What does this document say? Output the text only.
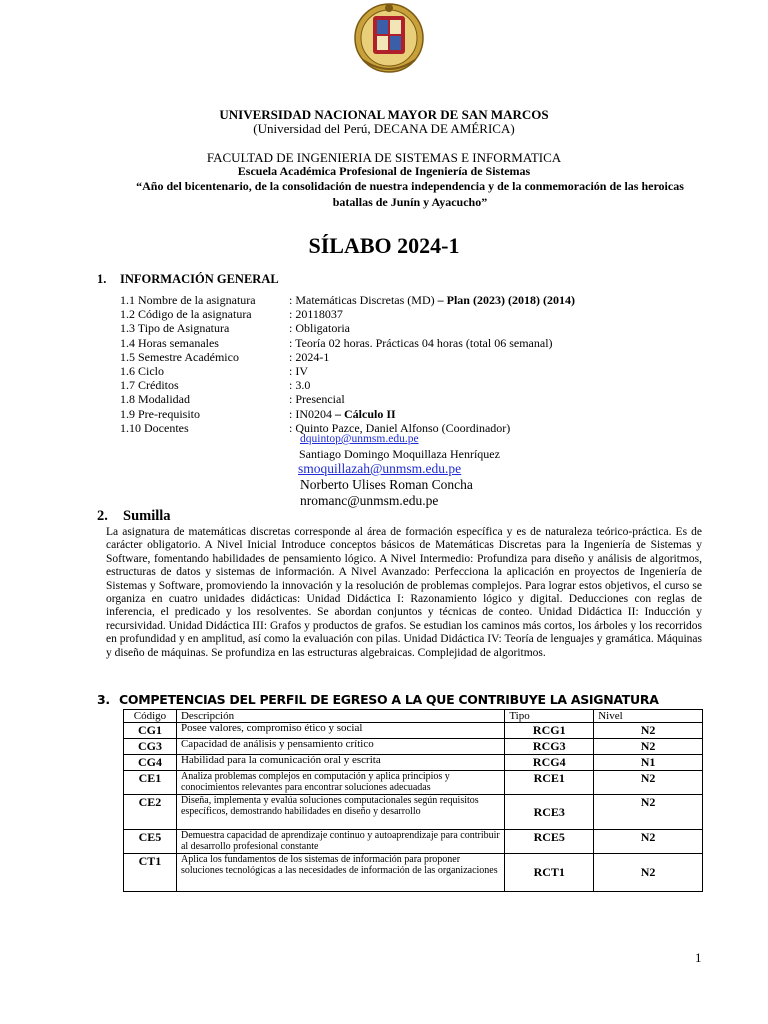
UNIVERSIDAD NACIONAL MAYOR DE SAN MARCOS
(Universidad del Perú, DECANA DE AMÉRICA)
FACULTAD DE INGENIERIA DE SISTEMAS E INFORMATICA
Escuela Académica Profesional de Ingeniería de Sistemas
“Año del bicentenario, de la consolidación de nuestra independencia y de la conmemoración de las heroicas batallas de Junín y Ayacucho”
SÍLABO 2024-1
1. INFORMACIÓN GENERAL
1.1 Nombre de la asignatura	: Matemáticas Discretas (MD) – Plan (2023) (2018) (2014)
1.2 Código de la asignatura	: 20118037
1.3 Tipo de Asignatura	: Obligatoria
1.4 Horas semanales	: Teoría 02 horas. Prácticas 04 horas (total 06 semanal)
1.5 Semestre Académico	: 2024-1
1.6 Ciclo	: IV
1.7 Créditos	: 3.0
1.8 Modalidad	: Presencial
1.9 Pre-requisito	: IN0204 – Cálculo II
1.10 Docentes	: Quinto Pazce, Daniel Alfonso (Coordinador)
dquintop@unmsm.edu.pe
Santiago Domingo Moquillaza Henríquez
smoquillazah@unmsm.edu.pe
Norberto Ulises Roman Concha
nromanc@unmsm.edu.pe
2. Sumilla

La asignatura de matemáticas discretas corresponde al área de formación específica y es de naturaleza teórico-práctica. Es de carácter obligatorio. A Nivel Inicial Introduce conceptos básicos de Matemáticas Discretas para la Ingeniería de Sistemas y Software, fomentando habilidades de pensamiento lógico. A Nivel Intermedio: Profundiza para diseño y análisis de algoritmos, estructuras de datos y sistemas de información. A Nivel Avanzado: Perfecciona la aplicación en proyectos de Ingeniería de Sistemas y Software, promoviendo la innovación y la resolución de problemas complejos. Para lograr estos objetivos, el curso se organiza en cuatro unidades didácticas: Unidad Didáctica I: Razonamiento lógico y digital. Deducciones con reglas de inferencia, el predicado y los resolventes. Se abordan conjuntos y técnicas de conteo. Unidad Didáctica II: Inducción y recursividad. Unidad Didáctica III: Grafos y productos de grafos. Se estudian los caminos más cortos, los árboles y los recorridos en profundidad y en amplitud, así como la evaluación con pilas. Unidad Didáctica IV: Teoría de lenguajes y gramática. Máquinas y diseño de máquinas. Se profundiza en las estructuras algebraicas. Complejidad de algoritmos.

3. COMPETENCIAS DEL PERFIL DE EGRESO A LA QUE CONTRIBUYE LA ASIGNATURA
Código	Descripción	Tipo	Nivel
CG1	Posee valores, compromiso ético y social	RCG1	N2
CG3	Capacidad de análisis y pensamiento crítico	RCG3	N2
CG4	Habilidad para la comunicación oral y escrita	RCG4	N1
CE1	Analiza problemas complejos en computación y aplica principios y conocimientos relevantes para encontrar soluciones adecuadas	RCE1	N2
CE2	Diseña, implementa y evalúa soluciones computacionales según requisitos específicos, demostrando habilidades en diseño y desarrollo	RCE3	N2
CE5	Demuestra capacidad de aprendizaje continuo y autoaprendizaje para contribuir al desarrollo profesional constante	RCE5	N2
CT1	Aplica los fundamentos de los sistemas de información para proponer soluciones tecnológicas a las necesidades de información de las organizaciones	RCT1	N2
1
